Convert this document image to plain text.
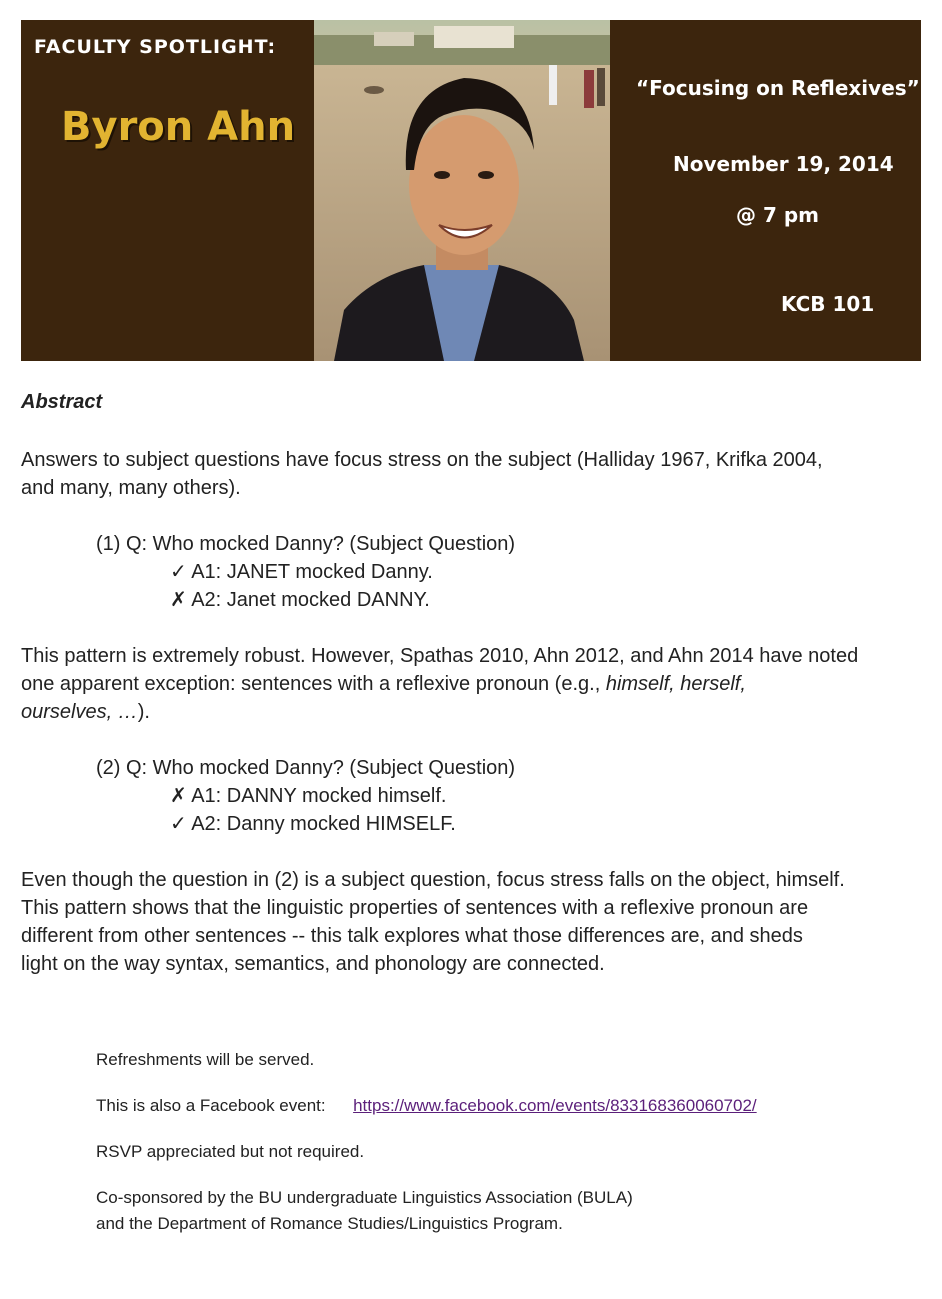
FACULTY SPOTLIGHT:
Byron Ahn
“Focusing on Reflexives”
November 19, 2014
@ 7 pm
KCB 101
Abstract
Answers to subject questions have focus stress on the subject (Halliday 1967, Krifka 2004,
and many, many others).
(1) Q: Who mocked Danny? (Subject Question)
✓ A1: JANET mocked Danny.
✗ A2: Janet mocked DANNY.
This pattern is extremely robust. However, Spathas 2010, Ahn 2012, and Ahn 2014 have noted
one apparent exception: sentences with a reflexive pronoun (e.g., himself, herself,
ourselves, …).
(2) Q: Who mocked Danny? (Subject Question)
✗ A1: DANNY mocked himself.
✓ A2: Danny mocked HIMSELF.
Even though the question in (2) is a subject question, focus stress falls on the object, himself.
This pattern shows that the linguistic properties of sentences with a reflexive pronoun are
different from other sentences -- this talk explores what those differences are, and sheds
light on the way syntax, semantics, and phonology are connected.
Refreshments will be served.
This is also a Facebook event: https://www.facebook.com/events/833168360060702/
RSVP appreciated but not required.
Co-sponsored by the BU undergraduate Linguistics Association (BULA)
and the Department of Romance Studies/Linguistics Program.
